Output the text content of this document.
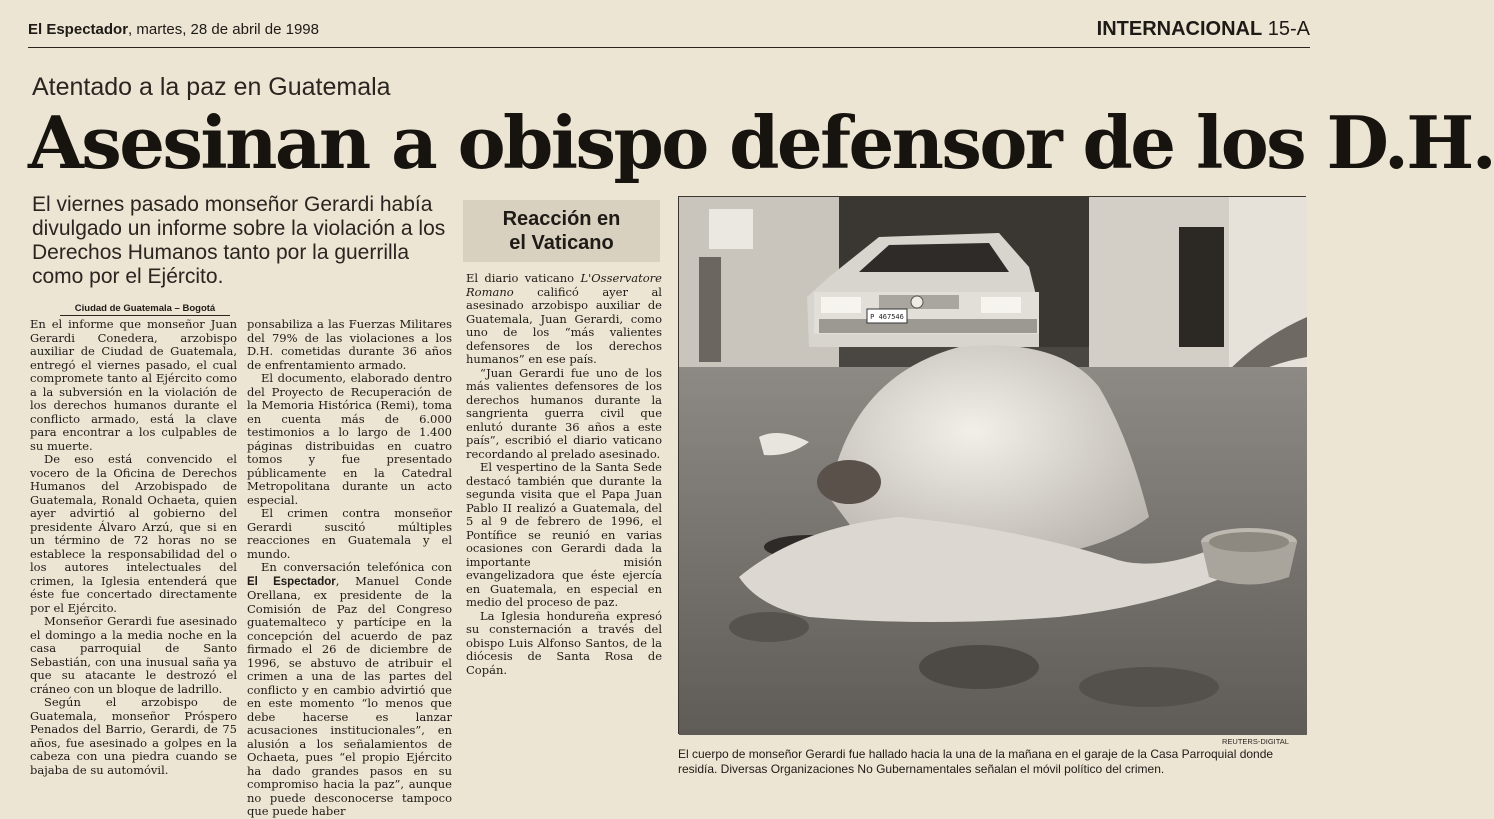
El Espectador, martes, 28 de abril de 1998	INTERNACIONAL 15-A
Atentado a la paz en Guatemala
Asesinan a obispo defensor de los D.H.
El viernes pasado monseñor Gerardi había divulgado un informe sobre la violación a los Derechos Humanos tanto por la guerrilla como por el Ejército.
Ciudad de Guatemala – Bogotá

En el informe que monseñor Juan Gerardi Conedera, arzobispo auxiliar de Ciudad de Guatemala, entregó el viernes pasado, el cual compromete tanto al Ejército como a la subversión en la violación de los derechos humanos durante el conflicto armado, está la clave para encontrar a los culpables de su muerte.

De eso está convencido el vocero de la Oficina de Derechos Humanos del Arzobispado de Guatemala, Ronald Ochaeta, quien ayer advirtió al gobierno del presidente Álvaro Arzú, que si en un término de 72 horas no se establece la responsabilidad del o los autores intelectuales del crimen, la Iglesia entenderá que éste fue concertado directamente por el Ejército.

Monseñor Gerardi fue asesinado el domingo a la media noche en la casa parroquial de Santo Sebastián, con una inusual saña ya que su atacante le destrozó el cráneo con un bloque de ladrillo.

Según el arzobispo de Guatemala, monseñor Próspero Penados del Barrio, Gerardi, de 75 años, fue asesinado a golpes en la cabeza con una piedra cuando se bajaba de su automóvil.

ponsabiliza a las Fuerzas Militares del 79% de las violaciones a los D.H. cometidas durante 36 años de enfrentamiento armado.

El documento, elaborado dentro del Proyecto de Recuperación de la Memoria Histórica (Remi), toma en cuenta más de 6.000 testimonios a lo largo de 1.400 páginas distribuidas en cuatro tomos y fue presentado públicamente en la Catedral Metropolitana durante un acto especial.

El crimen contra monseñor Gerardi suscitó múltiples reacciones en Guatemala y el mundo.

En conversación telefónica con El Espectador, Manuel Conde Orellana, ex presidente de la Comisión de Paz del Congreso guatemalteco y partícipe en la concepción del acuerdo de paz firmado el 26 de diciembre de 1996, se abstuvo de atribuir el crimen a una de las partes del conflicto y en cambio advirtió que en este momento “lo menos que debe hacerse es lanzar acusaciones institucionales”, en alusión a los señalamientos de Ochaeta, pues “el propio Ejército ha dado grandes pasos en su compromiso hacia la paz”, aunque no puede desconocerse tampoco que puede haber

Reacción en
el Vaticano

El diario vaticano L'Osservatore Romano calificó ayer al asesinado arzobispo auxiliar de Guatemala, Juan Gerardi, como uno de los “más valientes defensores de los derechos humanos” en ese país.

“Juan Gerardi fue uno de los más valientes defensores de los derechos humanos durante la sangrienta guerra civil que enlutó durante 36 años a este país”, escribió el diario vaticano recordando al prelado asesinado.

El vespertino de la Santa Sede destacó también que durante la segunda visita que el Papa Juan Pablo II realizó a Guatemala, del 5 al 9 de febrero de 1996, el Pontífice se reunió en varias ocasiones con Gerardi dada la importante misión evangelizadora que éste ejercía en Guatemala, en especial en medio del proceso de paz.

La Iglesia hondureña expresó su consternación a través del obispo Luis Alfonso Santos, de la diócesis de Santa Rosa de Copán.

P 467546
REUTERS-DIGITAL
El cuerpo de monseñor Gerardi fue hallado hacia la una de la mañana en el garaje de la Casa Parroquial donde residía. Diversas Organizaciones No Gubernamentales señalan el móvil político del crimen.
